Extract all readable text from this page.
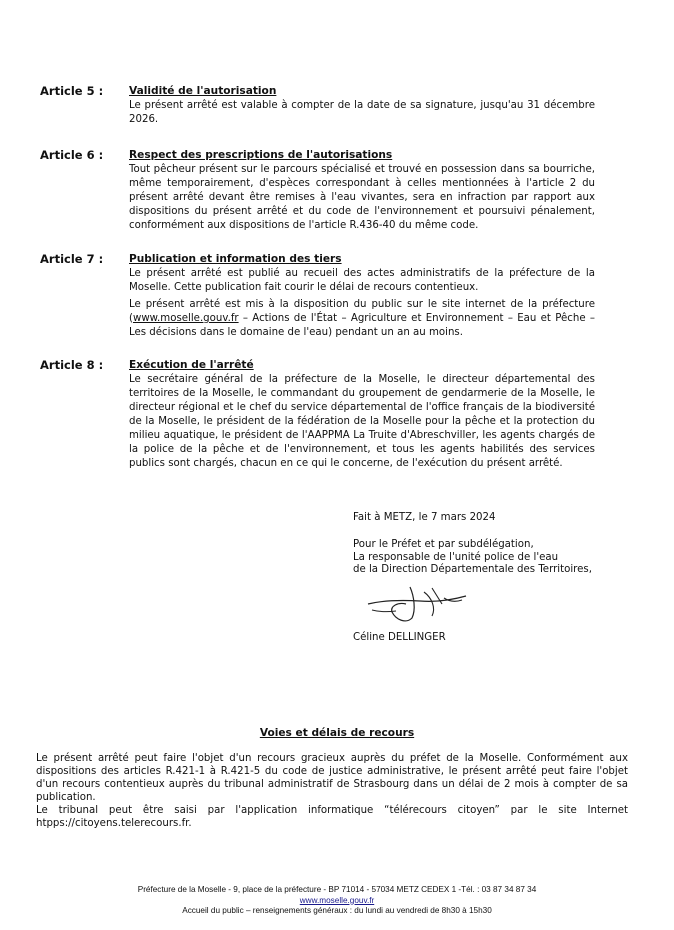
Article 5 : Validité de l'autorisation

Le présent arrêté est valable à compter de la date de sa signature, jusqu'au 31 décembre 2026.

Article 6 : Respect des prescriptions de l'autorisations

Tout pêcheur présent sur le parcours spécialisé et trouvé en possession dans sa bourriche, même temporairement, d'espèces correspondant à celles mentionnées à l'article 2 du présent arrêté devant être remises à l'eau vivantes, sera en infraction par rapport aux dispositions du présent arrêté et du code de l'environnement et poursuivi pénalement, conformément aux dispositions de l'article R.436-40 du même code.

Article 7 : Publication et information des tiers

Le présent arrêté est publié au recueil des actes administratifs de la préfecture de la Moselle. Cette publication fait courir le délai de recours contentieux.

Le présent arrêté est mis à la disposition du public sur le site internet de la préfecture (www.moselle.gouv.fr – Actions de l'État – Agriculture et Environnement – Eau et Pêche – Les décisions dans le domaine de l'eau) pendant un an au moins.

Article 8 : Exécution de l'arrêté

Le secrétaire général de la préfecture de la Moselle, le directeur départemental des territoires de la Moselle, le commandant du groupement de gendarmerie de la Moselle, le directeur régional et le chef du service départemental de l'office français de la biodiversité de la Moselle, le président de la fédération de la Moselle pour la pêche et la protection du milieu aquatique, le président de l'AAPPMA La Truite d'Abreschviller, les agents chargés de la police de la pêche et de l'environnement, et tous les agents habilités des services publics sont chargés, chacun en ce qui le concerne, de l'exécution du présent arrêté.

Fait à METZ, le 7 mars 2024
Pour le Préfet et par subdélégation,
La responsable de l'unité police de l'eau
de la Direction Départementale des Territoires,
Céline DELLINGER
Voies et délais de recours

Le présent arrêté peut faire l'objet d'un recours gracieux auprès du préfet de la Moselle. Conformément aux dispositions des articles R.421-1 à R.421-5 du code de justice administrative, le présent arrêté peut faire l'objet d'un recours contentieux auprès du tribunal administratif de Strasbourg dans un délai de 2 mois à compter de sa publication.

Le tribunal peut être saisi par l'application informatique “télérecours citoyen” par le site Internet htpps://citoyens.telerecours.fr.

Préfecture de la Moselle - 9, place de la préfecture - BP 71014 - 57034 METZ CEDEX 1 -Tél. : 03 87 34 87 34
www.moselle.gouv.fr
Accueil du public – renseignements généraux : du lundi au vendredi de 8h30 à 15h30
